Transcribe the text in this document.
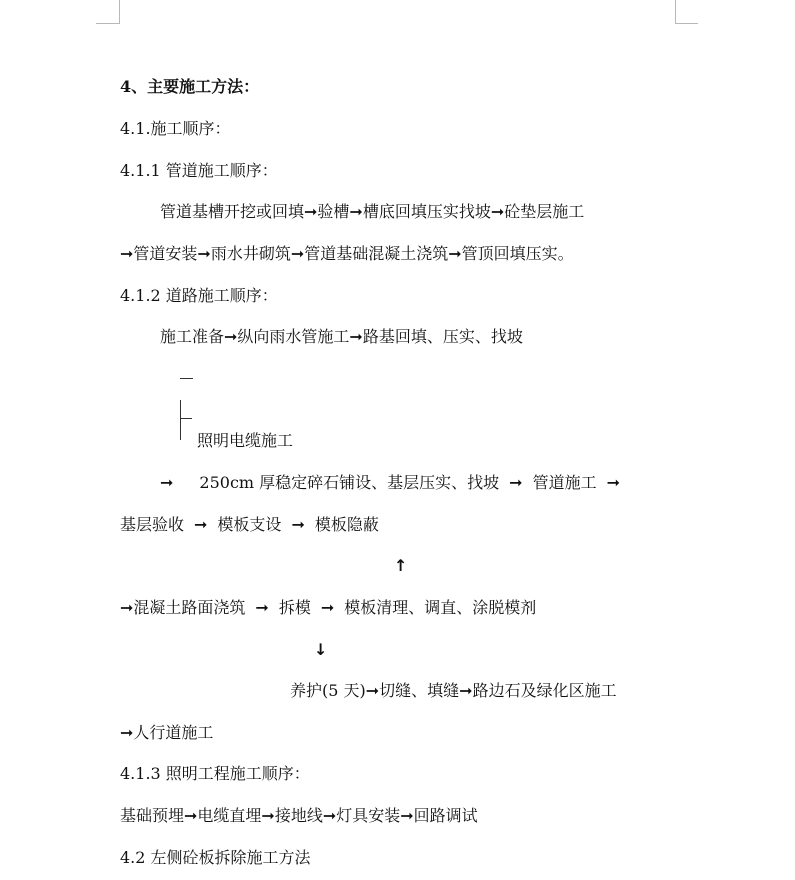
4、主要施工方法：
4.1.施工顺序：
4.1.1 管道施工顺序：
管道基槽开挖或回填➞验槽➞槽底回填压实找坡➞砼垫层施工
➞管道安装➞雨水井砌筑➞管道基础混凝土浇筑➞管顶回填压实。
4.1.2 道路施工顺序：
施工准备➞纵向雨水管施工➞路基回填、压实、找坡
照明电缆施工
➞ 250cm 厚稳定碎石铺设、基层压实、找坡 ➞ 管道施工 ➞
基层验收 ➞ 模板支设 ➞ 模板隐蔽
↑
➞混凝土路面浇筑 ➞ 拆模 ➞ 模板清理、调直、涂脱模剂
↓
养护(5 天)➞切缝、填缝➞路边石及绿化区施工
➞人行道施工
4.1.3 照明工程施工顺序：
基础预埋➞电缆直埋➞接地线➞灯具安装➞回路调试
4.2 左侧砼板拆除施工方法
